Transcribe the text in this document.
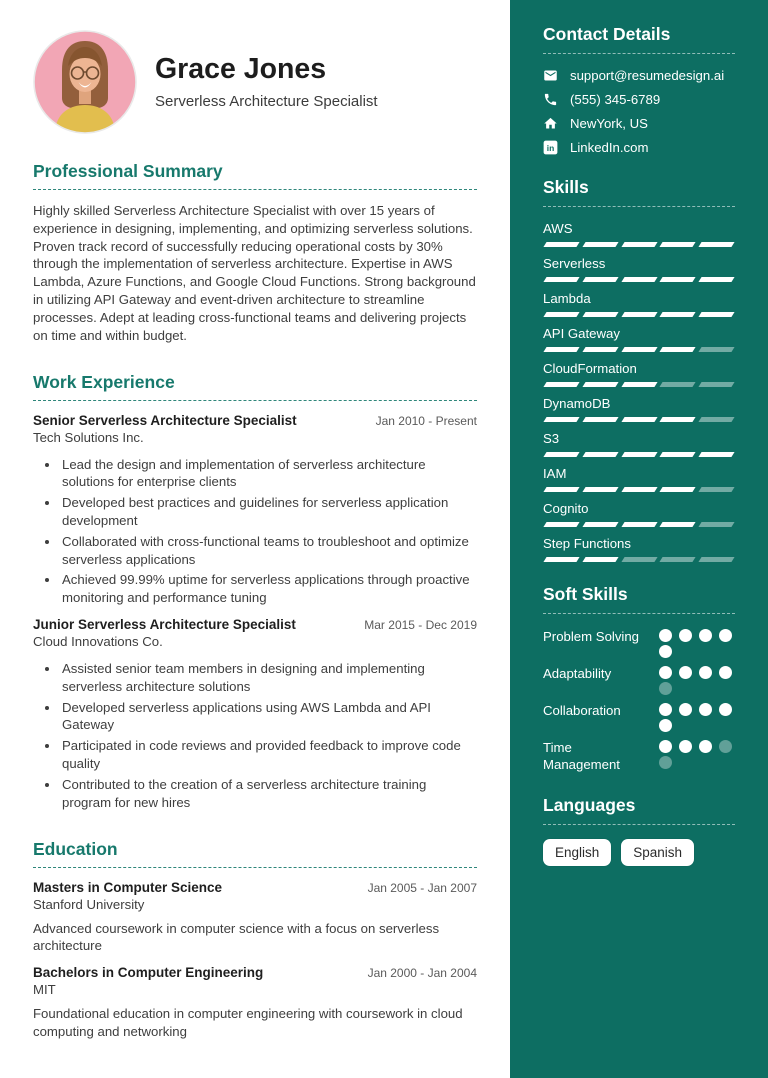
Grace Jones
Serverless Architecture Specialist
Professional Summary

Highly skilled Serverless Architecture Specialist with over 15 years of experience in designing, implementing, and optimizing serverless solutions. Proven track record of successfully reducing operational costs by 30% through the implementation of serverless architecture. Expertise in AWS Lambda, Azure Functions, and Google Cloud Functions. Strong background in utilizing API Gateway and event-driven architecture to streamline processes. Adept at leading cross-functional teams and delivering projects on time and within budget.

Work Experience
Senior Serverless Architecture Specialist	Jan 2010 - Present
Tech Solutions Inc.
• Lead the design and implementation of serverless architecture solutions for enterprise clients
• Developed best practices and guidelines for serverless application development
• Collaborated with cross-functional teams to troubleshoot and optimize serverless applications
• Achieved 99.99% uptime for serverless applications through proactive monitoring and performance tuning
Junior Serverless Architecture Specialist	Mar 2015 - Dec 2019
Cloud Innovations Co.
• Assisted senior team members in designing and implementing serverless architecture solutions
• Developed serverless applications using AWS Lambda and API Gateway
• Participated in code reviews and provided feedback to improve code quality
• Contributed to the creation of a serverless architecture training program for new hires
Education
Masters in Computer Science	Jan 2005 - Jan 2007
Stanford University

Advanced coursework in computer science with a focus on serverless architecture

Bachelors in Computer Engineering	Jan 2000 - Jan 2004
MIT

Foundational education in computer engineering with coursework in cloud computing and networking

Contact Details
support@resumedesign.ai
(555) 345-6789
NewYork, US
in LinkedIn.com
Skills
AWS
Serverless
Lambda
API Gateway
CloudFormation
DynamoDB
S3
IAM
Cognito
Step Functions
Soft Skills
Problem Solving
Adaptability
Collaboration
Time Management
Languages
English	Spanish
